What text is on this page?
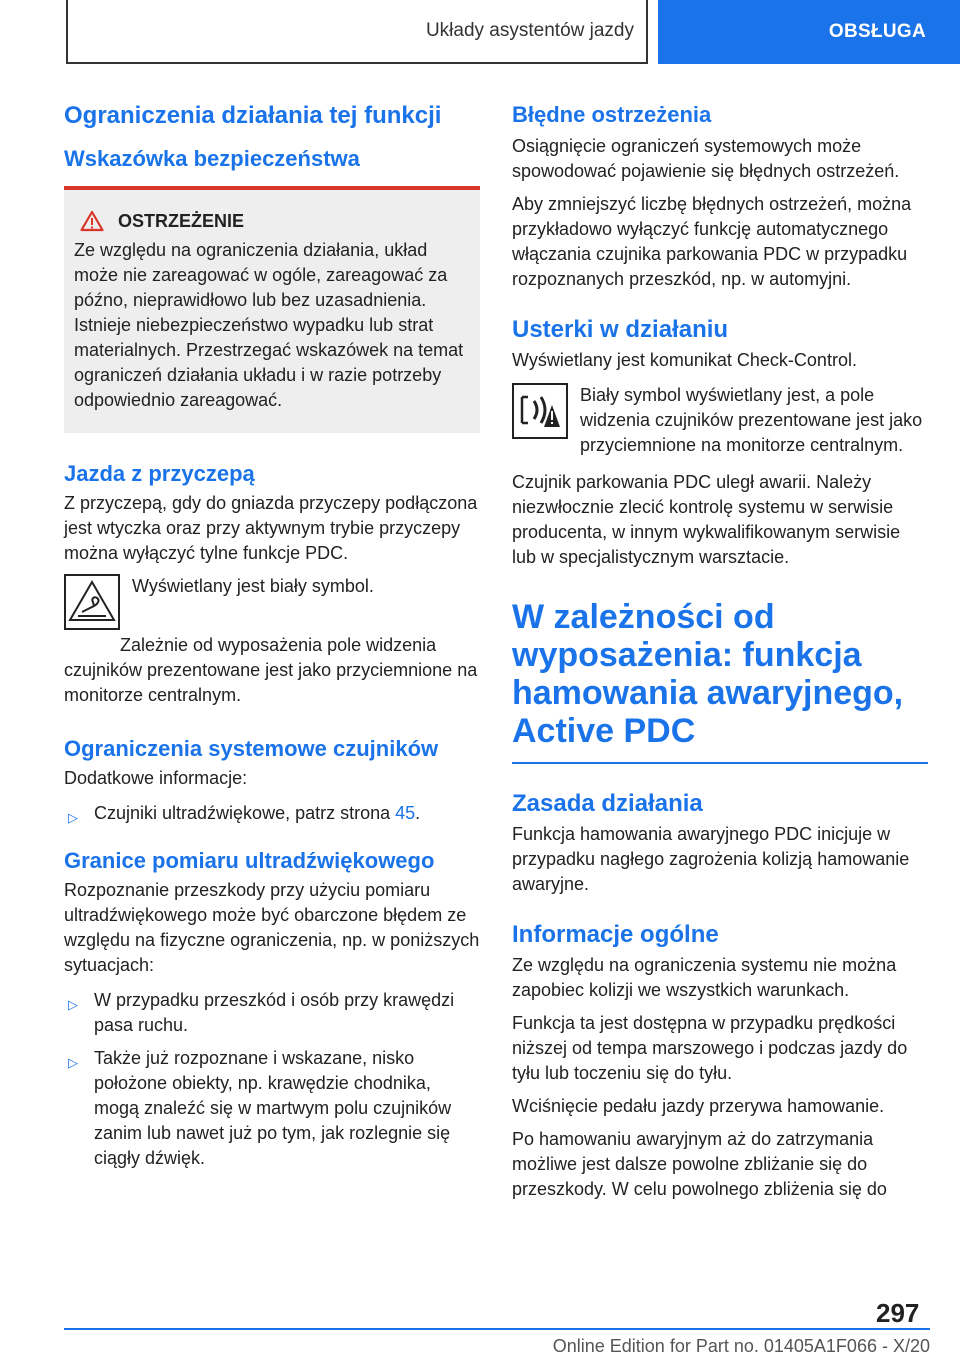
Układy asystentów jazdy	OBSŁUGA
Ograniczenia działania tej funkcji
Wskazówka bezpieczeństwa
OSTRZEŻENIE

Ze względu na ograniczenia działania, układ może nie zareagować w ogóle, zareagować za późno, nieprawidłowo lub bez uzasadnienia. Istnieje niebezpieczeństwo wypadku lub strat materialnych. Przestrzegać wskazówek na temat ograniczeń działania układu i w razie potrzeby odpowiednio zareagować.

Jazda z przyczepą

Z przyczepą, gdy do gniazda przyczepy podłączona jest wtyczka oraz przy aktywnym trybie przyczepy można wyłączyć tylne funkcje PDC.

Wyświetlany jest biały symbol.

Zależnie od wyposażenia pole widzenia czujników prezentowane jest jako przyciemnione na monitorze centralnym.

Ograniczenia systemowe czujników

Dodatkowe informacje:

▷ Czujniki ultradźwiękowe, patrz strona 45.
Granice pomiaru ultradźwiękowego

Rozpoznanie przeszkody przy użyciu pomiaru ultradźwiękowego może być obarczone błędem ze względu na fizyczne ograniczenia, np. w poniższych sytuacjach:

▷ W przypadku przeszkód i osób przy krawędzi pasa ruchu.
▷ Także już rozpoznane i wskazane, nisko położone obiekty, np. krawędzie chodnika, mogą znaleźć się w martwym polu czujników zanim lub nawet już po tym, jak rozlegnie się ciągły dźwięk.
Błędne ostrzeżenia

Osiągnięcie ograniczeń systemowych może spowodować pojawienie się błędnych ostrzeżeń.

Aby zmniejszyć liczbę błędnych ostrzeżeń, można przykładowo wyłączyć funkcję automatycznego włączania czujnika parkowania PDC w przypadku rozpoznanych przeszkód, np. w automyjni.

Usterki w działaniu

Wyświetlany jest komunikat Check-Control.

Biały symbol wyświetlany jest, a pole widzenia czujników prezentowane jest jako przyciemnione na monitorze centralnym.

Czujnik parkowania PDC uległ awarii. Należy niezwłocznie zlecić kontrolę systemu w serwisie producenta, w innym wykwalifikowanym serwisie lub w specjalistycznym warsztacie.

W zależności od wyposażenia: funkcja hamowania awaryjnego, Active PDC
Zasada działania

Funkcja hamowania awaryjnego PDC inicjuje w przypadku nagłego zagrożenia kolizją hamowanie awaryjne.

Informacje ogólne

Ze względu na ograniczenia systemu nie można zapobiec kolizji we wszystkich warunkach.

Funkcja ta jest dostępna w przypadku prędkości niższej od tempa marszowego i podczas jazdy do tyłu lub toczeniu się do tyłu.

Wciśnięcie pedału jazdy przerywa hamowanie.

Po hamowaniu awaryjnym aż do zatrzymania możliwe jest dalsze powolne zbliżanie się do przeszkody. W celu powolnego zbliżenia się do

297
Online Edition for Part no. 01405A1F066 - X/20
